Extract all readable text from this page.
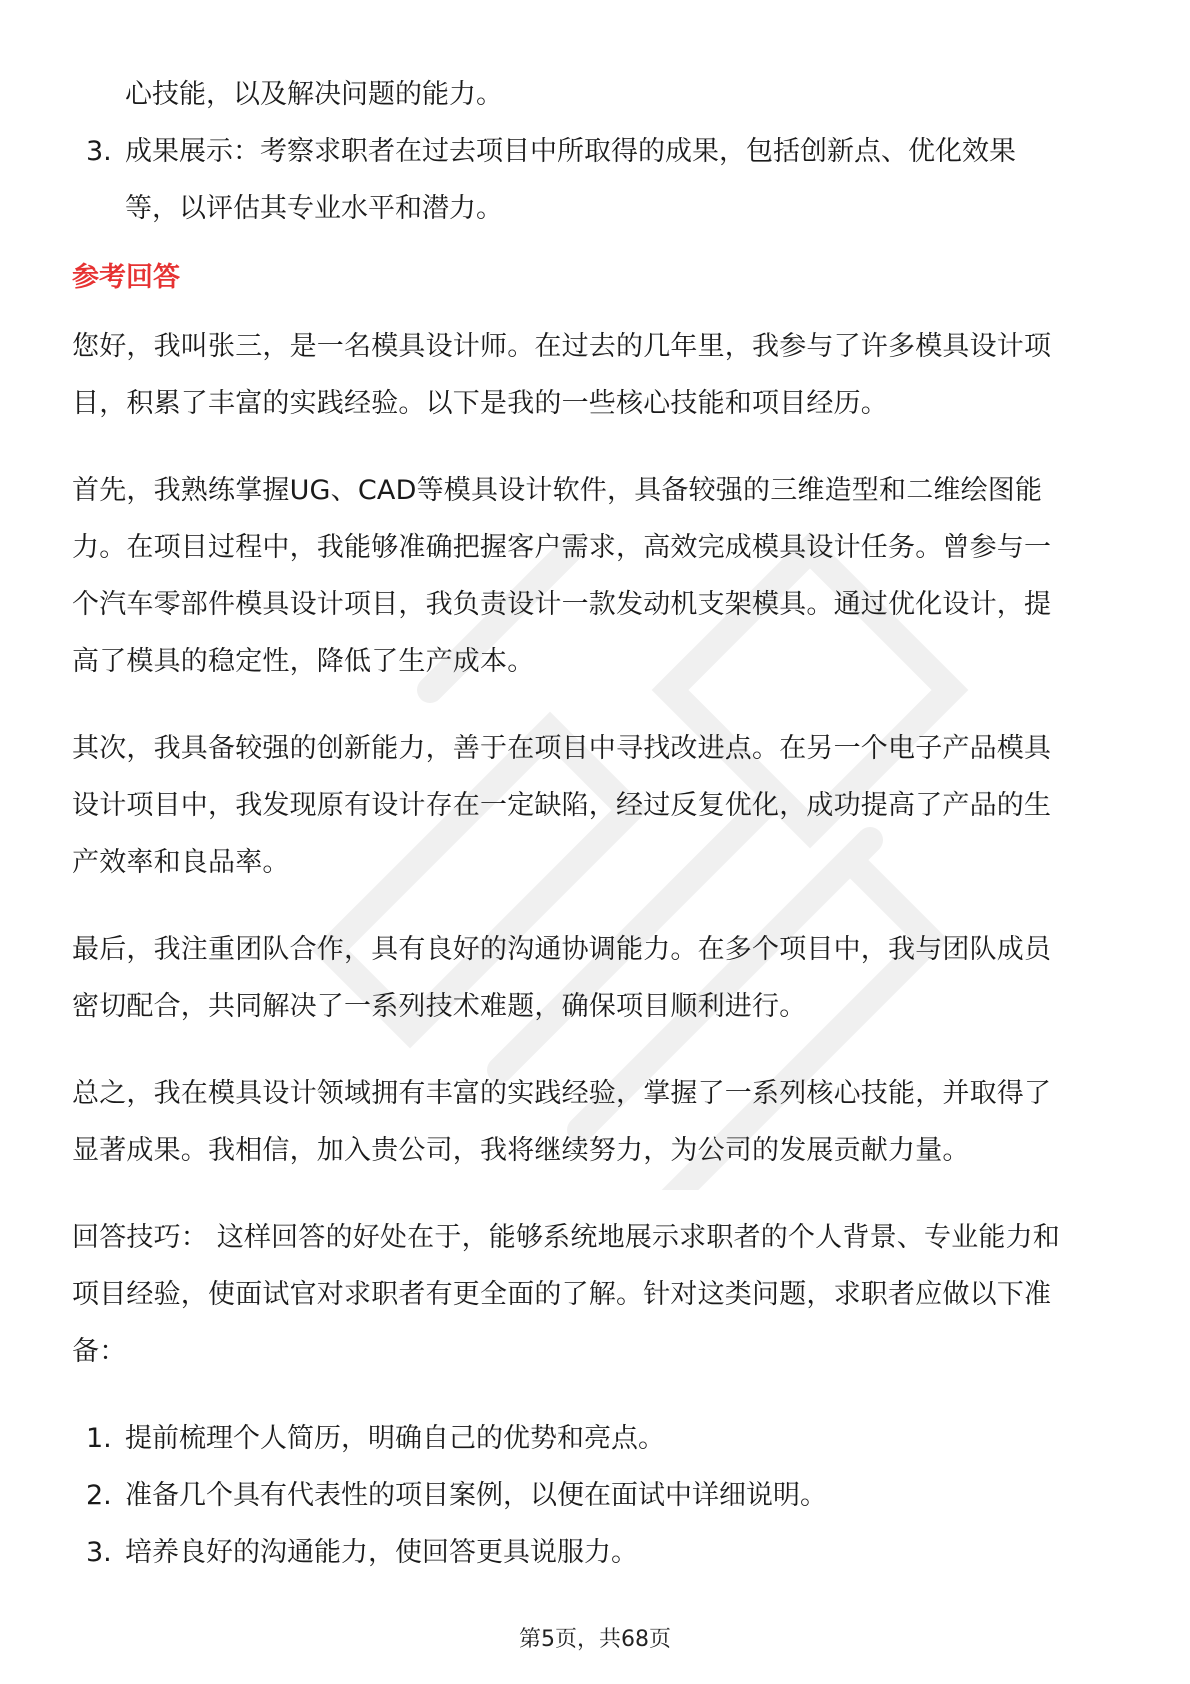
心技能，以及解决问题的能力。
3. 成果展示：考察求职者在过去项目中所取得的成果，包括创新点、优化效果
等，以评估其专业水平和潜力。
参考回答
您好，我叫张三，是一名模具设计师。在过去的几年里，我参与了许多模具设计项
目，积累了丰富的实践经验。以下是我的一些核心技能和项目经历。
首先，我熟练掌握UG、CAD等模具设计软件，具备较强的三维造型和二维绘图能
力。在项目过程中，我能够准确把握客户需求，高效完成模具设计任务。曾参与一
个汽车零部件模具设计项目，我负责设计一款发动机支架模具。通过优化设计，提
高了模具的稳定性，降低了生产成本。
其次，我具备较强的创新能力，善于在项目中寻找改进点。在另一个电子产品模具
设计项目中，我发现原有设计存在一定缺陷，经过反复优化，成功提高了产品的生
产效率和良品率。
最后，我注重团队合作，具有良好的沟通协调能力。在多个项目中，我与团队成员
密切配合，共同解决了一系列技术难题，确保项目顺利进行。
总之，我在模具设计领域拥有丰富的实践经验，掌握了一系列核心技能，并取得了
显著成果。我相信，加入贵公司，我将继续努力，为公司的发展贡献力量。
回答技巧： 这样回答的好处在于，能够系统地展示求职者的个人背景、专业能力和
项目经验，使面试官对求职者有更全面的了解。针对这类问题，求职者应做以下准
备：
1. 提前梳理个人简历，明确自己的优势和亮点。
2. 准备几个具有代表性的项目案例，以便在面试中详细说明。
3. 培养良好的沟通能力，使回答更具说服力。
第5页，共68页
